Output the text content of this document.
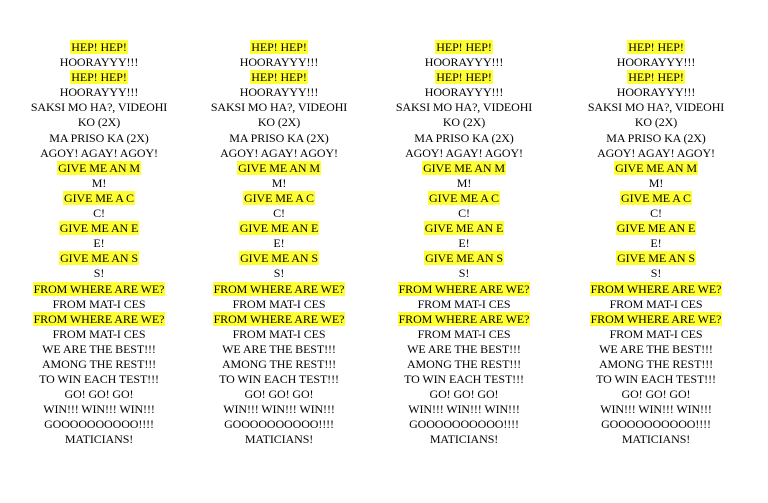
HEP! HEP!
HOORAYYY!!!
HEP! HEP!
HOORAYYY!!!
SAKSI MO HA?, VIDEOHI
KO (2X)
MA PRISO KA (2X)
AGOY! AGAY! AGOY!
GIVE ME AN M
M!
GIVE ME A C
C!
GIVE ME AN E
E!
GIVE ME AN S
S!
FROM WHERE ARE WE?
FROM MAT-I CES
FROM WHERE ARE WE?
FROM MAT-I CES
WE ARE THE BEST!!!
AMONG THE REST!!!
TO WIN EACH TEST!!!
GO! GO! GO!
WIN!!! WIN!!! WIN!!!
GOOOOOOOOOO!!!!
MATICIANS!
HEP! HEP!
HOORAYYY!!!
HEP! HEP!
HOORAYYY!!!
SAKSI MO HA?, VIDEOHI
KO (2X)
MA PRISO KA (2X)
AGOY! AGAY! AGOY!
GIVE ME AN M
M!
GIVE ME A C
C!
GIVE ME AN E
E!
GIVE ME AN S
S!
FROM WHERE ARE WE?
FROM MAT-I CES
FROM WHERE ARE WE?
FROM MAT-I CES
WE ARE THE BEST!!!
AMONG THE REST!!!
TO WIN EACH TEST!!!
GO! GO! GO!
WIN!!! WIN!!! WIN!!!
GOOOOOOOOOO!!!!
MATICIANS!
HEP! HEP!
HOORAYYY!!!
HEP! HEP!
HOORAYYY!!!
SAKSI MO HA?, VIDEOHI
KO (2X)
MA PRISO KA (2X)
AGOY! AGAY! AGOY!
GIVE ME AN M
M!
GIVE ME A C
C!
GIVE ME AN E
E!
GIVE ME AN S
S!
FROM WHERE ARE WE?
FROM MAT-I CES
FROM WHERE ARE WE?
FROM MAT-I CES
WE ARE THE BEST!!!
AMONG THE REST!!!
TO WIN EACH TEST!!!
GO! GO! GO!
WIN!!! WIN!!! WIN!!!
GOOOOOOOOOO!!!!
MATICIANS!
HEP! HEP!
HOORAYYY!!!
HEP! HEP!
HOORAYYY!!!
SAKSI MO HA?, VIDEOHI
KO (2X)
MA PRISO KA (2X)
AGOY! AGAY! AGOY!
GIVE ME AN M
M!
GIVE ME A C
C!
GIVE ME AN E
E!
GIVE ME AN S
S!
FROM WHERE ARE WE?
FROM MAT-I CES
FROM WHERE ARE WE?
FROM MAT-I CES
WE ARE THE BEST!!!
AMONG THE REST!!!
TO WIN EACH TEST!!!
GO! GO! GO!
WIN!!! WIN!!! WIN!!!
GOOOOOOOOOO!!!!
MATICIANS!
